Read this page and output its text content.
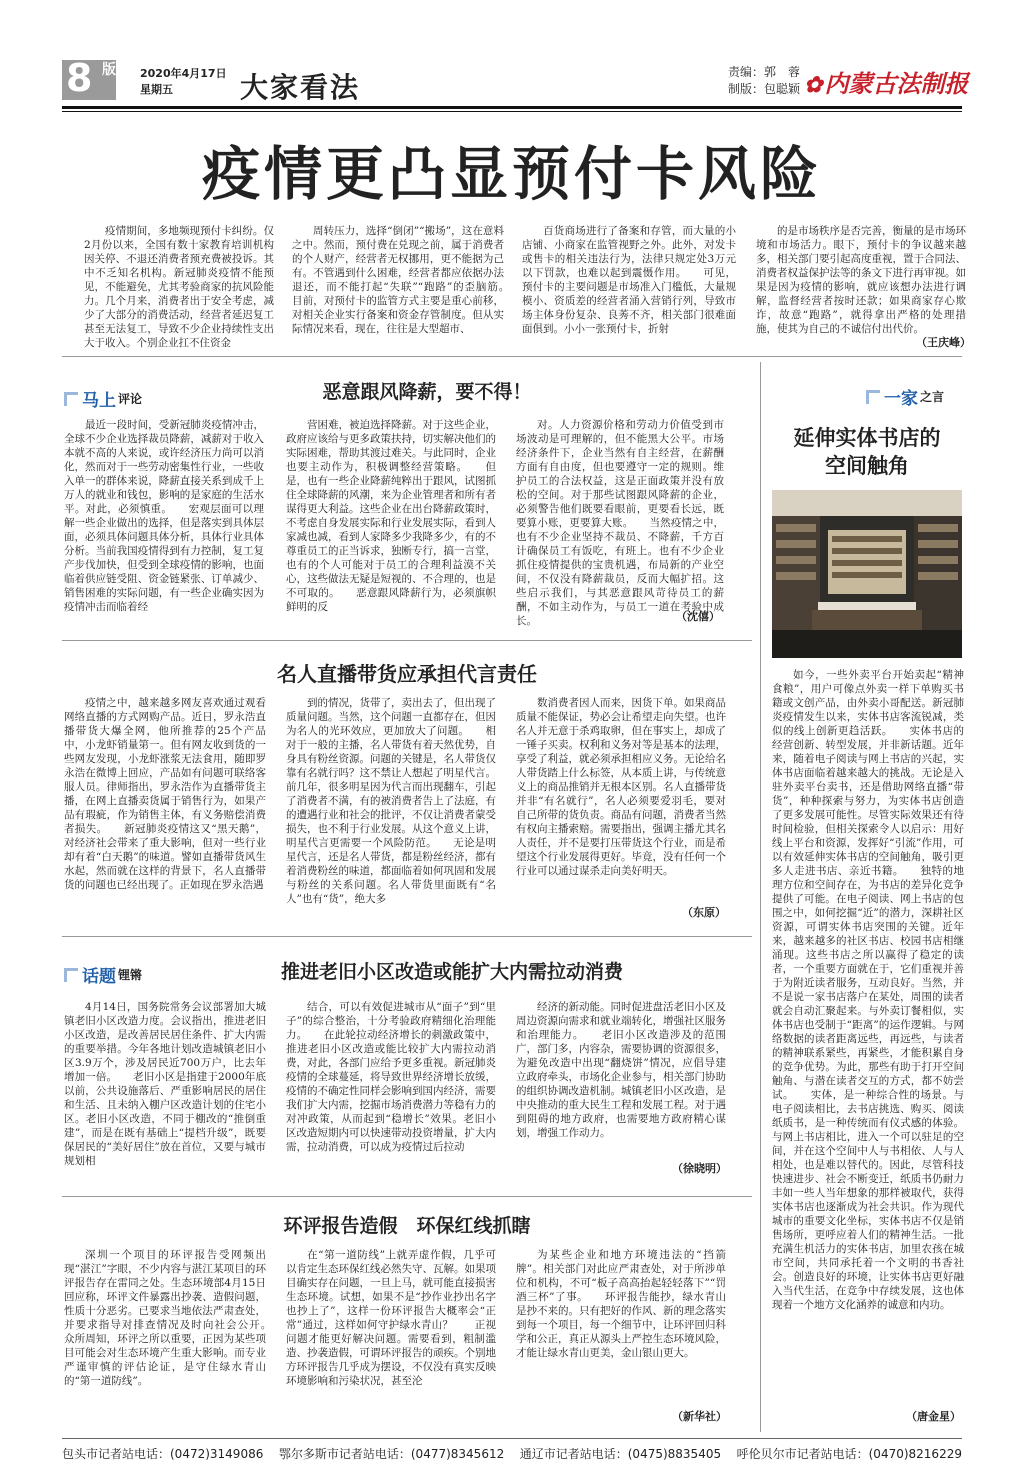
8 版 2020年4月17日
星期五	大家看法	责编：郭　蓉
制版：包聪颖 ✿内蒙古法制报
疫情更凸显预付卡风险
疫情期间，多地频现预付卡纠纷。仅2月份以来，全国有数十家教育培训机构因关停、不退还消费者预充费被投诉。其中不乏知名机构。新冠肺炎疫情不能预见，不能避免，尤其考验商家的抗风险能力。几个月来，消费者出于安全考虑，减少了大部分的消费活动，经营者延迟复工甚至无法复工，导致不少企业持续性支出大于收入。个别企业扛不住资金
周转压力，选择“倒闭”“搬场”，这在意料之中。然而，预付费在兑现之前，属于消费者的个人财产，经营者无权挪用，更不能据为己有。不管遇到什么困难，经营者都应依据办法退还，而不能打起“失联”“跑路”的歪脑筋。　　目前，对预付卡的监管方式主要是重心前移，对相关企业实行备案和资金存管制度。但从实际情况来看，现在，往往是大型超市、
百货商场进行了备案和存管，而大量的小店铺、小商家在监管视野之外。此外，对发卡或售卡的相关违法行为，法律只规定处3万元以下罚款，也难以起到震慑作用。　　可见，预付卡的主要问题是市场准入门槛低，大量规模小、资质差的经营者涌入营销行列，导致市场主体身份复杂、良莠不齐，相关部门很难面面俱到。小小一张预付卡，折射
的是市场秩序是否完善，衡量的是市场环境和市场活力。眼下，预付卡的争议越来越多，相关部门要引起高度重视，置于合同法、消费者权益保护法等的条文下进行再审视。如果是因为疫情的影响，就应该想办法进行调解，监督经营者按时还款；如果商家存心欺诈，故意“跑路”，就得拿出严格的处理措施，使其为自己的不诚信付出代价。
（王庆峰）
马上 评论	恶意跟风降薪，要不得！
最近一段时间，受新冠肺炎疫情冲击，全球不少企业选择裁员降薪，减薪对于收入本就不高的人来说，或许经济压力尚可以消化，然而对于一些劳动密集性行业，一些收入单一的群体来说，降薪直接关系到成千上万人的就业和钱包，影响的是家庭的生活水平。对此，必须慎重。　　宏观层面可以理解一些企业做出的选择，但是落实到具体层面，必须具体问题具体分析，具体行业具体分析。当前我国疫情得到有力控制，复工复产步伐加快，但受到全球疫情的影响，也面临着供应链受阻、资金链紧张、订单减少、销售困难的实际问题，有一些企业确实因为疫情冲击而临着经
营困难，被迫选择降薪。对于这些企业，政府应该给与更多政策扶持，切实解决他们的实际困难，帮助其渡过难关。与此同时，企业也要主动作为，积极调整经营策略。　　但是，也有一些企业降薪纯粹出于跟风，试图抓住全球降薪的风潮，来为企业管理者和所有者谋得更大利益。这些企业在出台降薪政策时，不考虑自身发展实际和行业发展实际，看到人家减也减，看到人家降多少我降多少，有的不尊重员工的正当诉求，独断专行，搞一言堂，也有的个人可能对于员工的合理利益漠不关心，这些做法无疑是短视的、不合理的，也是不可取的。　　恶意跟风降薪行为，必须旗帜鲜明的反
对。人力资源价格和劳动力价值受到市场波动是可理解的，但不能黑大公平。市场经济条件下，企业当然有自主经营，在薪酬方面有自由度，但也要遵守一定的规则。维护员工的合法权益，这是正面政策并没有放松的空间。对于那些试图跟风降薪的企业，必须警告他们既要看眼前，更要看长远，既要算小账，更要算大账。　　当然疫情之中，也有不少企业坚持不裁员、不降薪，千方百计确保员工有饭吃，有班上。也有不少企业抓住疫情提供的宝贵机遇，布局新的产业空间，不仅没有降薪裁员，反而大幅扩招。这些启示我们，与其恶意跟风苛待员工的薪酬，不如主动作为，与员工一道在考验中成长。	（沈僖）
一家 之言
延伸实体书店的
空间触角
如今，一些外卖平台开始卖起“精神食粮”，用户可像点外卖一样下单购买书籍或文创产品，由外卖小哥配送。新冠肺炎疫情发生以来，实体书店客流锐减，类似的线上创新更趋活跃。　　实体书店的经营创新、转型发展，并非新话题。近年来，随着电子阅读与网上书店的兴起，实体书店面临着越来越大的挑战。无论是入驻外卖平台卖书，还是借助网络直播“带货”，种种探索与努力，为实体书店创造了更多发展可能性。尽管实际效果还有待时间检验，但相关探索令人以启示：用好线上平台和资源，发挥好“引流”作用，可以有效延伸实体书店的空间触角，吸引更多人走进书店、亲近书籍。　　独特的地理方位和空间存在，为书店的差异化竞争提供了可能。在电子阅读、网上书店的包围之中，如何挖掘“近”的潜力，深耕社区资源，可谓实体书店突围的关键。近年来，越来越多的社区书店、校园书店相继涌现。这些书店之所以赢得了稳定的读者，一个重要方面就在于，它们重视并善于为附近读者服务，互动良好。当然，并不是说一家书店落户在某处，周围的读者就会自动汇聚起来。与外卖订餐相似，实体书店也受制于“距离”的运作逻辑。与网络数据的读者距离远些，再远些，与读者的精神联系紧些，再紧些，才能积累自身的竞争优势。为此，那些有助于打开空间触角、与潜在读者交互的方式，都不妨尝试。　　实体，是一种综合性的场景。与电子阅读相比，去书店挑选、购买、阅读纸质书，是一种传统而有仪式感的体验。与网上书店相比，进入一个可以驻足的空间，并在这个空间中人与书相依、人与人相处，也是难以替代的。因此，尽管科技快速进步、社会不断变迁，纸质书仍耐力丰如一些人当年想象的那样被取代，获得实体书店也逐渐成为社会共识。作为现代城市的重要文化坐标，实体书店不仅是销售场所，更呼应着人们的精神生活。一批充满生机活力的实体书店，加里农孩在城市空间，共同承托着一个文明的书香社会。创造良好的环境，让实体书店更好融入当代生活，在竞争中存续发展，这也体现着一个地方文化涵养的诚意和内功。
（唐金星）
名人直播带货应承担代言责任
疫情之中，越来越多网友喜欢通过观看网络直播的方式网购产品。近日，罗永浩直播带货大爆全网，他所推荐的25个产品中，小龙虾销量第一。但有网友收到货的一些网友发现，小龙虾涨浆无法食用，随即罗永浩在微博上回应，产品如有问题可联络客服人员。律师指出，罗永浩作为直播带货主播，在网上直播卖货属于销售行为，如果产品有瑕疵，作为销售主体，有义务赔偿消费者损失。　　新冠肺炎疫情这又“黑天鹅”，对经济社会带来了重大影响，但对一些行业却有着“白天鹅”的味道。譬如直播带货风生水起，然而就在这样的背景下，名人直播带货的问题也已经出现了。正如现在罗永浩遇
到的情况，货带了，卖出去了，但出现了质量问题。当然，这个问题一直都存在，但因为名人的光环效应，更加放大了问题。　　相对于一般的主播，名人带货有着天然优势，自身具有粉丝资源。问题的关键是，名人带货仅靠有名就行吗？这不禁让人想起了明星代言。前几年，很多明星因为代言而出现翻车，引起了消费者不满，有的被消费者告上了法庭，有的遭遇行业和社会的批评，不仅让消费者蒙受损失，也不利于行业发展。从这个意义上讲，明星代言更需要一个风险防范。　　无论是明星代言，还是名人带货，都是粉丝经济，都有着消费粉丝的味道，都面临着如何巩固和发展与粉丝的关系问题。名人带货里面既有“名人”也有“货”，绝大多
数消费者因人而来，因货下单。如果商品质量不能保证，势必会让希望走向失望。也许名人并无意于杀鸡取卵，但在事实上，却成了一锤子买卖。权利和义务对等是基本的法理，享受了利益，就必须承担相应义务。无论给名人带货踏上什么标签，从本质上讲，与传统意义上的商品推销并无根本区别。名人直播带货并非“有名就行”，名人必须要爱羽毛，要对自己所带的货负责。商品有问题，消费者当然有权向主播索赔。需要指出，强调主播尤其名人责任，并不是要打压带货这个行业，而是希望这个行业发展得更好。毕竟，没有任何一个行业可以通过谋杀走向美好明天。
（东原）
话题 锂锵	推进老旧小区改造或能扩大内需拉动消费
4月14日，国务院常务会议部署加大城镇老旧小区改造力度。会议指出，推进老旧小区改造，是改善居民居住条件、扩大内需的重要举措。今年各地计划改造城镇老旧小区3.9万个，涉及居民近700万户，比去年增加一倍。　　老旧小区是指建于2000年底以前，公共设施落后、严重影响居民的居住和生活、且未纳入棚户区改造计划的住宅小区。老旧小区改造，不同于棚改的“推倒重建”，而是在既有基础上“提档升级”，既要保居民的“美好居住”放在首位，又要与城市规划相
结合，可以有效促进城市从“面子”到“里子”的综合整治，十分考验政府精细化治理能力。　　在此轮拉动经济增长的刺激政策中，推进老旧小区改造或能比较扩大内需拉动消费，对此，各部门应给予更多重视。新冠肺炎疫情的全球蔓延，将导致世界经济增长放缓，疫情的不确定性同样会影响到国内经济，需要我们扩大内需，挖掘市场消费潜力等稳有力的对冲政策，从而起到“稳增长”效果。老旧小区改造短期内可以快速带动投资增量，扩大内需，拉动消费，可以成为疫情过后拉动
经济的新动能。同时促进盘活老旧小区及周边资源向需求和就业端转化，增强社区服务和治理能力。　　老旧小区改造涉及的范围广，部门多，内容杂，需要协调的资源很多，为避免改造中出现“翻烧饼”情况，应倡导建立政府牵头，市场化企业参与，相关部门协助的组织协调改造机制。城镇老旧小区改造，是中央推动的重大民生工程和发展工程。对于遇到阻碍的地方政府，也需要地方政府精心谋划，增强工作动力。
（徐晓明）
环评报告造假　环保红线抓瞎
深圳一个项目的环评报告受网频出现“湛江”字眼，不少内容与湛江某项目的环评报告存在雷同之处。生态环境部4月15日回应称，环评文件暴露出抄袭、造假问题，性质十分恶劣。已要求当地依法严肃查处，并要求指导对排查情况及时向社会公开。　　众所周知，环评之所以重要，正因为某些项目可能会对生态环境产生重大影响。而专业严谨审慎的评估论证，是守住绿水青山的“第一道防线”。
在“第一道防线”上就弄虚作假，几乎可以肯定生态环保红线必然失守、瓦解。如果项目确实存在问题，一旦上马，就可能直接损害生态环境。试想，如果不是“抄作业抄出名字也抄上了”，这样一份环评报告大概率会“正常”通过，这样如何守护绿水青山？　　正视问题才能更好解决问题。需要看到，粗制滥造、抄袭造假，可谓环评报告的顽疾。个别地方环评报告几乎成为摆设，不仅没有真实反映环境影响和污染状况，甚至沦
为某些企业和地方环境违法的“挡箭牌”。相关部门对此应严肃查处，对于所涉单位和机构，不可“板子高高抬起轻轻落下”“罚酒三杯”了事。　　环评报告能抄，绿水青山是抄不来的。只有把好的作风、新的理念落实到每一个项目，每一个细节中，让环评回归科学和公正，真正从源头上严控生态环境风险，才能让绿水青山更美，金山银山更大。
（新华社）
包头市记者站电话：(0472)3149086 鄂尔多斯市记者站电话：(0477)8345612 通辽市记者站电话：(0475)8835405 呼伦贝尔市记者站电话：(0470)8216229
